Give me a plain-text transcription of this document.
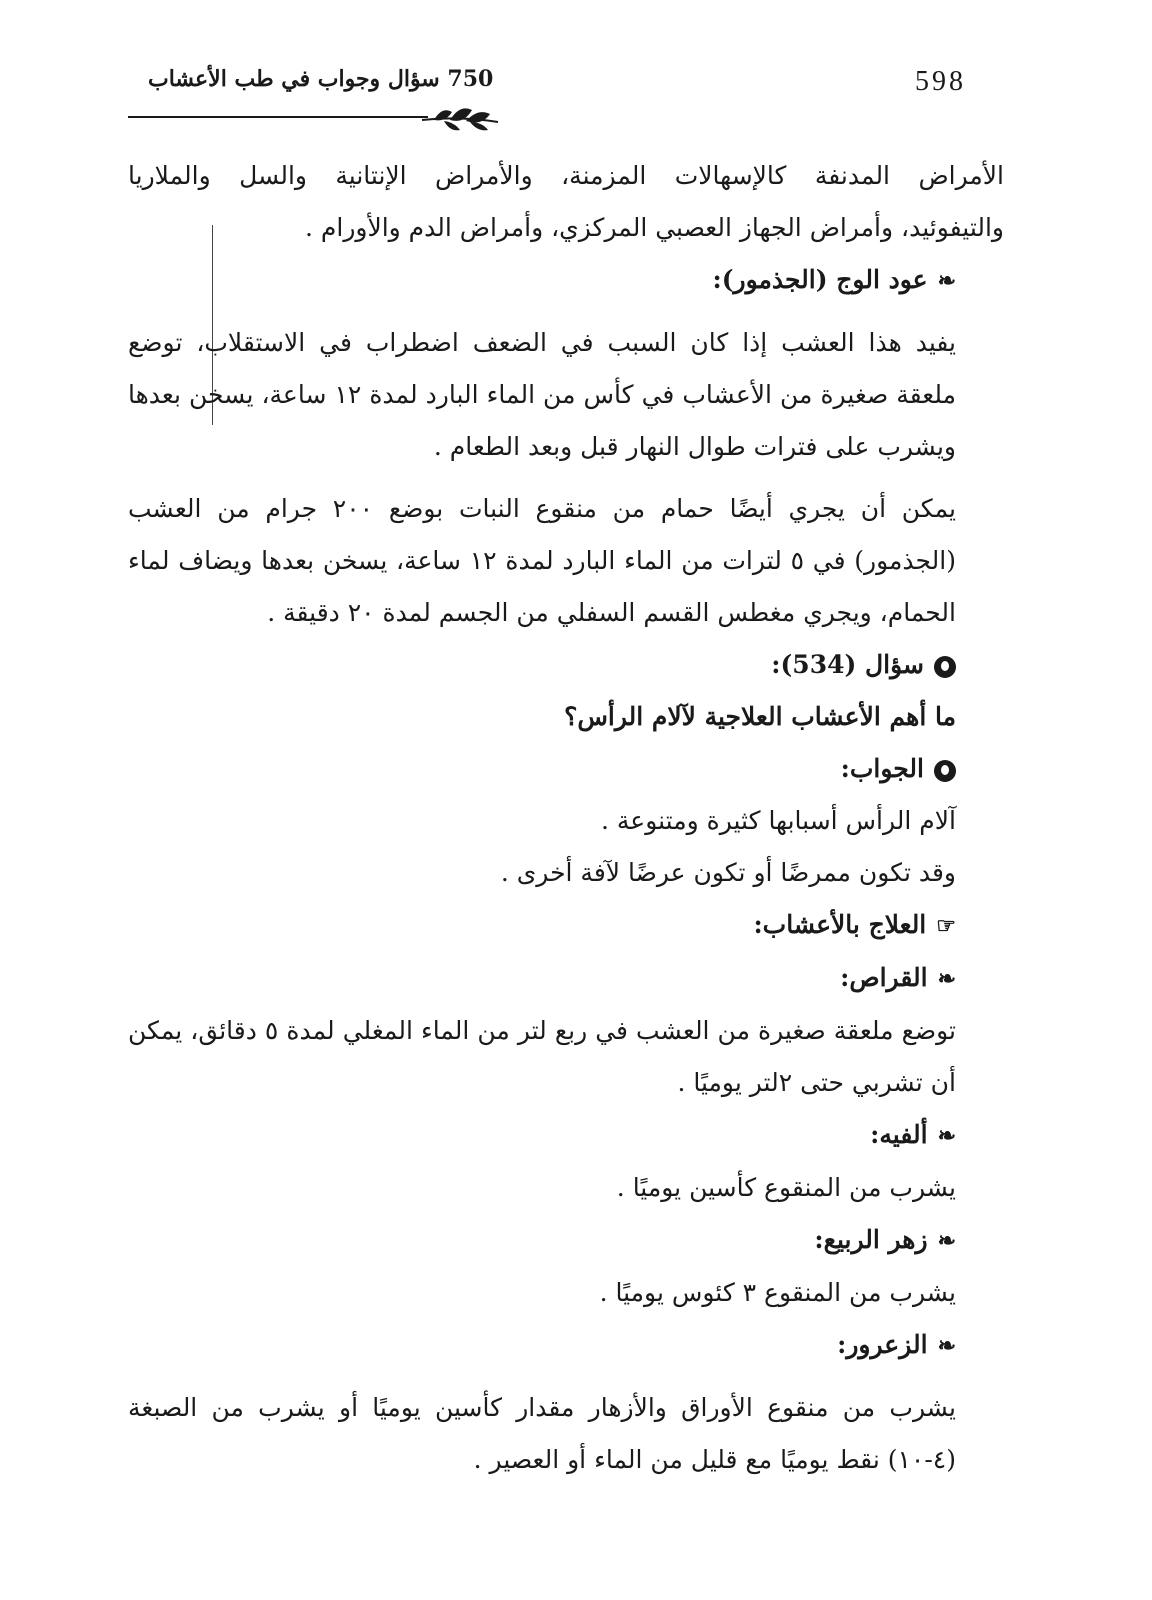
598
750 سؤال وجواب في طب الأعشاب

الأمراض المدنفة كالإسهالات المزمنة، والأمراض الإنتانية والسل والملاريا

والتيفوئيد، وأمراض الجهاز العصبي المركزي، وأمراض الدم والأورام .

❧عود الوج (الجذمور):

يفيد هذا العشب إذا كان السبب في الضعف اضطراب في الاستقلاب، توضع ملعقة صغيرة من الأعشاب في كأس من الماء البارد لمدة ١٢ ساعة، يسخن بعدها ويشرب على فترات طوال النهار قبل وبعد الطعام .

يمكن أن يجري أيضًا حمام من منقوع النبات بوضع ٢٠٠ جرام من العشب (الجذمور) في ٥ لترات من الماء البارد لمدة ١٢ ساعة، يسخن بعدها ويضاف لماء الحمام، ويجري مغطس القسم السفلي من الجسم لمدة ٢٠ دقيقة .

سؤال (534):

ما أهم الأعشاب العلاجية لآلام الرأس؟

الجواب:

آلام الرأس أسبابها كثيرة ومتنوعة .

وقد تكون ممرضًا أو تكون عرضًا لآفة أخرى .

☞العلاج بالأعشاب:

❧القراص:

توضع ملعقة صغيرة من العشب في ربع لتر من الماء المغلي لمدة ٥ دقائق، يمكن أن تشربي حتى ٢لتر يوميًا .

❧ألفيه:

يشرب من المنقوع كأسين يوميًا .

❧زهر الربيع:

يشرب من المنقوع ٣ كئوس يوميًا .

❧الزعرور:

يشرب من منقوع الأوراق والأزهار مقدار كأسين يوميًا أو يشرب من الصبغة (٤-١٠) نقط يوميًا مع قليل من الماء أو العصير .
